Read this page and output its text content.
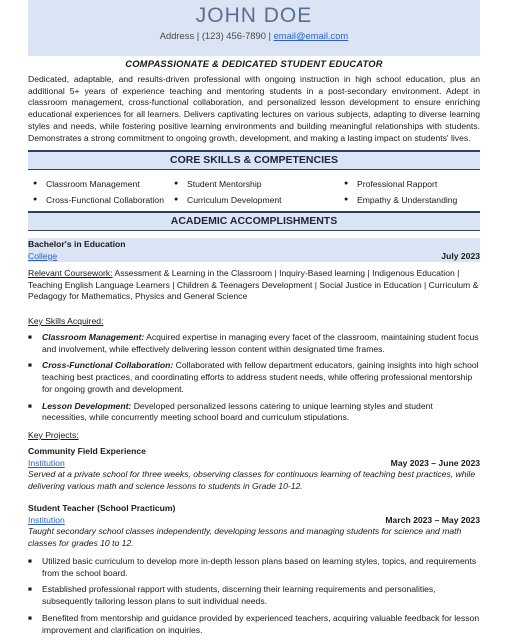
JOHN DOE
Address | (123) 456-7890 | email@email.com
COMPASSIONATE & DEDICATED STUDENT EDUCATOR
Dedicated, adaptable, and results-driven professional with ongoing instruction in high school education, plus an additional 5+ years of experience teaching and mentoring students in a post-secondary environment. Adept in classroom management, cross-functional collaboration, and personalized lesson development to ensure enriching educational experiences for all learners. Delivers captivating lectures on various subjects, adapting to diverse learning styles and needs, while fostering positive learning environments and building meaningful relationships with students. Demonstrates a strong commitment to ongoing growth, development, and making a lasting impact on students' lives.
CORE SKILLS & COMPETENCIES
● Classroom Management	● Student Mentorship	● Professional Rapport
● Cross-Functional Collaboration	● Curriculum Development	● Empathy & Understanding
ACADEMIC ACCOMPLISHMENTS
Bachelor's in Education
College	July 2023
Relevant Coursework: Assessment & Learning in the Classroom | Inquiry-Based learning | Indigenous Education | Teaching English Language Learners | Children & Teenagers Development | Social Justice in Education | Curriculum & Pedagogy for Mathematics, Physics and General Science
Key Skills Acquired:
■ Classroom Management: Acquired expertise in managing every facet of the classroom, maintaining student focus and involvement, while effectively delivering lesson content within designated time frames.
■ Cross-Functional Collaboration: Collaborated with fellow department educators, gaining insights into high school teaching best practices, and coordinating efforts to address student needs, while offering professional mentorship for ongoing growth and development.
■ Lesson Development: Developed personalized lessons catering to unique learning styles and student necessities, while concurrently meeting school board and curriculum stipulations.
Key Projects:
Community Field Experience
Institution	May 2023 – June 2023
Served at a private school for three weeks, observing classes for continuous learning of teaching best practices, while delivering various math and science lessons to students in Grade 10-12.
Student Teacher (School Practicum)
Institution	March 2023 – May 2023
Taught secondary school classes independently, developing lessons and managing students for science and math classes for grades 10 to 12.
■ Utilized basic curriculum to develop more in-depth lesson plans based on learning styles, topics, and requirements from the school board.
■ Established professional rapport with students, discerning their learning requirements and personalities, subsequently tailoring lesson plans to suit individual needs.
■ Benefited from mentorship and guidance provided by experienced teachers, acquiring valuable feedback for lesson improvement and clarification on inquiries.
